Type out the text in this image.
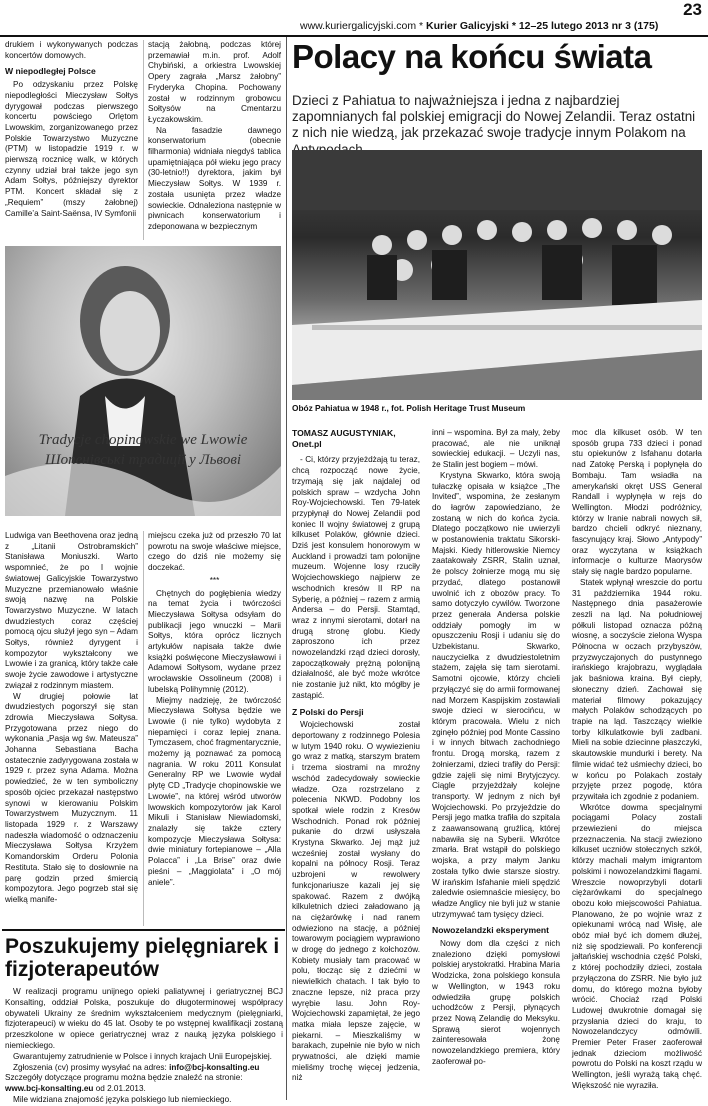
www.kuriergalicyjski.com * Kurier Galicyjski * 12–25 lutego 2013 nr 3 (175)
23

drukiem i wykonywanych podczas koncertów domowych.

W niepodległej Polsce

Po odzyskaniu przez Polskę niepodległości Mieczysław Sołtys dyrygował podczas pierwszego koncertu powściego Orlętom Lwowskim, zorganizowanego przez Polskie Towarzystwo Muzyczne (PTM) w listopadzie 1919 r. w pierwszą rocznicę walk, w których czynny udział brał także jego syn Adam Sołtys, późniejszy dyrektor PTM. Koncert składał się z „Requiem” (mszy żałobnej) Camille’a Saint-Saënsa, IV Symfonii

stacją żałobną, podczas której przemawiał m.in. prof. Adolf Chybiński, a orkiestra Lwowskiej Opery zagrała „Marsz żałobny” Fryderyka Chopina. Pochowany został w rodzinnym grobowcu Sołtysów na Cmentarzu Łyczakowskim.

Na fasadzie dawnego konserwatorium (obecnie filharmonia) widniała niegdyś tablica upamiętniająca pół wieku jego pracy (30-letnio!!) dyrektora, jakim był Mieczysław Sołtys. W 1939 r. została usunięta przez władze sowieckie. Odnaleziona następnie w piwnicach konserwatorium i zdeponowana w bezpiecznym

Tradycje chopinowskie we Lwowie
Шопенівські традиції у Львові

Ludwiga van Beethovena oraz jedną z „Litanii Ostrobramskich” Stanisława Moniuszki. Warto wspomnieć, że po I wojnie światowej Galicyjskie Towarzystwo Muzyczne przemianowało właśnie swoją nazwę na Polskie Towarzystwo Muzyczne. W latach dwudziestych coraz częściej pomocą ojcu służył jego syn – Adam Sołtys, również dyrygent i kompozytor wykształcony we Lwowie i za granicą, który także całe swoje życie zawodowe i artystyczne związał z rodzinnym miastem.

W drugiej połowie lat dwudziestych pogorszył się stan zdrowia Mieczysława Sołtysa. Przygotowana przez niego do wykonania „Pasja wg św. Mateusza” Johanna Sebastiana Bacha ostatecznie zadyrygowana została w 1929 r. przez syna Adama. Można powiedzieć, że w ten symboliczny sposób ojciec przekazał następstwo synowi w kierowaniu Polskim Towarzystwem Muzycznym. 11 listopada 1929 r. z Warszawy nadeszła wiadomość o odznaczeniu Mieczysława Sołtysa Krzyżem Komandorskim Orderu Polonia Restituta. Stało się to dosłownie na parę godzin przed śmiercią kompozytora. Jego pogrzeb stał się wielką manife-

miejscu czeka już od przeszło 70 lat powrotu na swoje właściwe miejsce, czego do dziś nie możemy się doczekać.

***

Chętnych do pogłębienia wiedzy na temat życia i twórczości Mieczysława Sołtysa odsyłam do publikacji jego wnuczki – Marii Sołtys, która oprócz licznych artykułów napisała także dwie książki poświęcone Mieczysławowi i Adamowi Sołtysom, wydane przez wrocławskie Ossolineum (2008) i lubelską Polihymnię (2012).

Miejmy nadzieję, że twórczość Mieczysława Sołtysa będzie we Lwowie (i nie tylko) wydobyta z niepamięci i coraz lepiej znana. Tymczasem, choć fragmentarycznie, możemy ją poznawać za pomocą nagrania. W roku 2011 Konsulat Generalny RP we Lwowie wydał płytę CD „Tradycje chopinowskie we Lwowie”, na której wśród utworów lwowskich kompozytorów jak Karol Mikuli i Stanisław Niewiadomski, znalazły się także cztery kompozycje Mieczysława Sołtysa: dwie miniatury fortepianowe – „Alla Polacca” i „La Brise” oraz dwie pieśni – „Maggiolata” i „O mój aniele”.

Poszukujemy pielęgniarek i fizjoterapeutów

W realizacji programu unijnego opieki paliatywnej i geriatrycznej BCJ Konsalting, oddział Polska, poszukuje do długoterminowej współpracy obywateli Ukrainy ze średnim wykształceniem medycznym (pielęgniarki, fizjoterapeuci) w wieku do 45 lat. Osoby te po wstępnej kwalifikacji zostaną przeszkolone w opiece geriatrycznej wraz z nauką języka polskiego i niemieckiego.

Gwarantujemy zatrudnienie w Polsce i innych krajach Unii Europejskiej.

Zgłoszenia (cv) prosimy wysyłać na adres: info@bcj-konsalting.eu

Szczegóły dotyczące programu można będzie znaleźć na stronie:

www.bcj-konsalting.eu od 2.01.2013.

Mile widziana znajomość języka polskiego lub niemieckiego.

Polacy na końcu świata
Dzieci z Pahiatua to najważniejsza i jedna z najbardziej zapomnianych fal polskiej emigracji do Nowej Zelandii. Teraz ostatni z nich nie wiedzą, jak przekazać swoje tradycje innym Polakom na
Obóz Pahiatua w 1948 r., fot. Polish Heritage Trust Museum
TOMASZ AUGUSTYNIAK,
Onet.pl

- Ci, którzy przyjeżdżają tu teraz, chcą rozpocząć nowe życie, trzymają się jak najdalej od polskich spraw – wzdycha John Roy-Wojciechowski. Ten 79-latek przypłynął do Nowej Zelandii pod koniec II wojny światowej z grupą kilkuset Polaków, głównie dzieci. Dziś jest konsulem honorowym w Auckland i prowadzi tam polonijne muzeum. Wojenne losy rzuciły Wojciechowskiego najpierw ze wschodnich kresów II RP na Syberię, a później – razem z armią Andersa – do Persji. Stamtąd, wraz z innymi sierotami, dotarł na drugą stronę globu. Kiedy zaproszono ich przez nowozelandzki rząd dzieci dorosły, zapoczątkowały prężną polonijną działalność, ale być może wkrótce nie zostanie już nikt, kto mógłby je zastąpić.

Z Polski do Persji

Wojciechowski został deportowany z rodzinnego Polesia w lutym 1940 roku. O wywiezieniu go wraz z matką, starszym bratem i trzema siostrami na mroźny wschód zadecydowały sowieckie władze. Oza rozstrzelano z polecenia NKWD. Podobny los spotkał wiele rodzin z Kresów Wschodnich. Ponad rok później pukanie do drzwi usłyszała Krystyna Skwarko. Jej mąż już wcześniej został wysłany do kopalni na północy Rosji. Teraz uzbrojeni w rewolwery funkcjonariusze kazali jej się spakować. Razem z dwójką kilkuletnich dzieci załadowano ją na ciężarówkę i nad ranem odwieziono na stację, a później towarowym pociągiem wyprawiono w drogę do jednego z kołchozów. Kobiety musiały tam pracować w polu, tłocząc się z dziećmi w niewielkich chatach. I tak było to znaczne lepsze, niż praca przy wyrębie lasu. John Roy-Wojciechowski zapamiętał, że jego matka miała lepsze zajęcie, w piekarni. – Mieszkaliśmy w barakach, zupełnie nie było w nich prywatności, ale dzięki mamie mieliśmy trochę więcej jedzenia, niż

inni – wspomina. Był za mały, żeby pracować, ale nie uniknął sowieckiej edukacji. – Uczyli nas, że Stalin jest bogiem – mówi.

Krystyna Skwarko, która swoją tułaczkę opisała w książce „The Invited”, wspomina, że zesłanym do łagrów zapowiedziano, że zostaną w nich do końca życia. Dlatego początkowo nie uwierzyli w postanowienia traktatu Sikorski-Majski. Kiedy hitlerowskie Niemcy zaatakowały ZSRR, Stalin uznał, że polscy żołnierze mogą mu się przydać, dlatego postanowił uwolnić ich z obozów pracy. To samo dotyczyło cywilów. Tworzone przez generała Andersa polskie oddziały pomogły im w opuszczeniu Rosji i udaniu się do Uzbekistanu. Skwarko, nauczycielka z dwudziestoletnim stażem, zajęła się tam sierotami. Samotni ojcowie, którzy chcieli przyłączyć się do armii formowanej nad Morzem Kaspijskim zostawiali swoje dzieci w sierocińcu, w którym pracowała. Wielu z nich zginęło później pod Monte Cassino i w innych bitwach zachodniego frontu. Drogą morską, razem z żołnierzami, dzieci trafiły do Persji: gdzie zajęli się nimi Brytyjczycy. Ciągle przyjeżdżały kolejne transporty. W jednym z nich był Wojciechowski. Po przyjeździe do Persji jego matka trafiła do szpitala z zaawansowaną gruźlicą, której nabawiła się na Syberii. Wkrótce zmarła. Brat wstąpił do polskiego wojska, a przy małym Janku została tylko dwie starsze siostry. W irańskim Isfahanie mieli spędzić zaledwie osiemnaście miesięcy, bo władze Anglicy nie byli już w stanie utrzymywać tam tysięcy dzieci.

Nowozelandzki eksperyment

Nowy dom dla części z nich znaleziono dzięki pomysłowi polskiej arystokratki. Hrabina Maria Wodzicka, żona polskiego konsula w Wellington, w 1943 roku odwiedziła grupę polskich uchodźców z Persji, płynących przez Nową Zelandię do Meksyku. Sprawą sierot wojennych zainteresowała żonę nowozelandzkiego premiera, który zaoferował po-

moc dla kilkuset osób. W ten sposób grupa 733 dzieci i ponad stu opiekunów z Isfahanu dotarła nad Zatokę Perską i popłynęła do Bombaju. Tam wsiadła na amerykański okręt USS General Randall i wypłynęła w rejs do Wellington. Młodzi podróżnicy, którzy w Iranie nabrali nowych sił, bardzo chcieli odkryć nieznany, fascynujący kraj. Słowo „Antypody” oraz wyczytana w książkach informacje o kulturze Maorysów stały się nagle bardzo popularne.

Statek wpłynął wreszcie do portu 31 października 1944 roku. Następnego dnia pasażerowie zeszli na ląd. Na południowej półkuli listopad oznacza późną wiosnę, a soczyście zielona Wyspa Północna w oczach przybyszów, przyzwyczajonych do pustynnego irańskiego krajobrazu, wyglądała jak baśniowa kraina. Był ciepły, słoneczny dzień. Zachował się materiał filmowy pokazujący małych Polaków schodzących po trapie na ląd. Taszczący wielkie torby kilkulatkowie byli zadbani. Mieli na sobie dziecinne płaszczyki, skautowskie mundurki i berety. Na filmie widać też uśmiechy dzieci, bo w końcu po Polakach zostały przyjęte przez pogodę, która przywitała ich zgodnie z podaniem.

Wkrótce dowma specjalnymi pociągami Polacy zostali przewiezieni do miejsca przeznaczenia. Na stacji zwieziono kilkuset uczniów stołecznych szkół, którzy machali małym imigrantom polskimi i nowozelandzkimi flagami. Wreszcie nowoprzybyli dotarli ciężarówkami do specjalnego obozu koło miejscowości Pahiatua. Planowano, że po wojnie wraz z opiekunami wrócą nad Wisłę, ale obóz miał być ich domem dłużej, niż się spodziewali. Po konferencji jałtańskiej wschodnia część Polski, z której pochodziły dzieci, została przyłączona do ZSRR. Nie było już domu, do którego można byłoby wrócić. Chociaż rząd Polski Ludowej dwukrotnie domagał się przysłania dzieci do kraju, to Nowozelandczycy odmówili. Premier Peter Fraser zaoferował jednak dzieciom możliwość powrotu do Polski na koszt rządu w Wellington, jeśli wyrażą taką chęć. Większość nie wyraziła.
